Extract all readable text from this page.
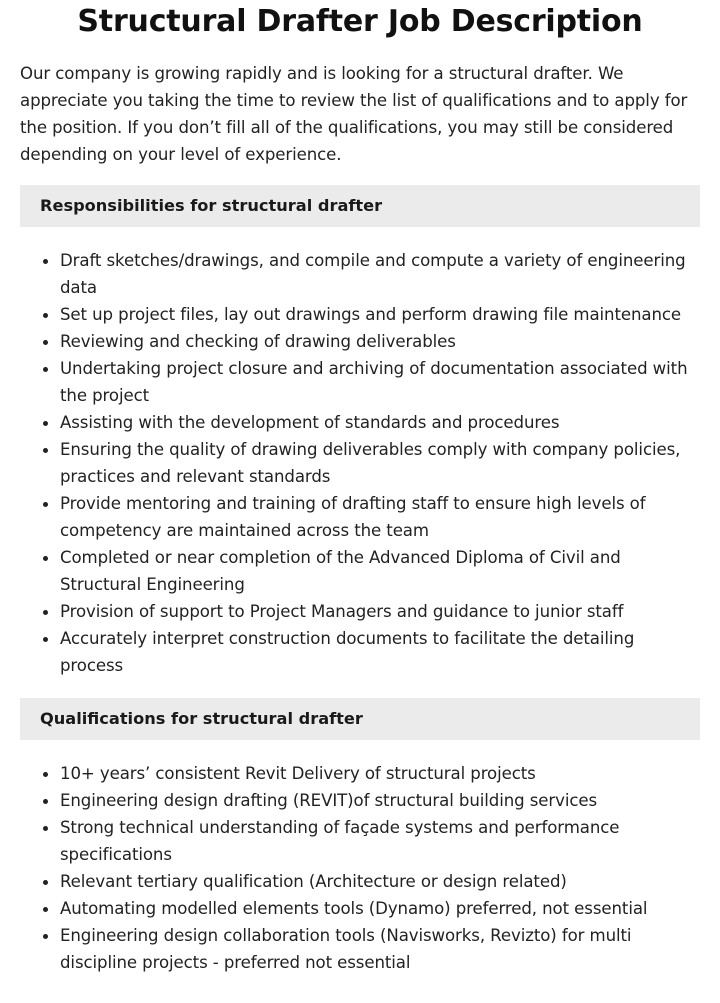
Structural Drafter Job Description

Our company is growing rapidly and is looking for a structural drafter. We appreciate you taking the time to review the list of qualifications and to apply for the position. If you don’t fill all of the qualifications, you may still be considered depending on your level of experience.

Responsibilities for structural drafter
Draft sketches/drawings, and compile and compute a variety of engineering data
Set up project files, lay out drawings and perform drawing file maintenance
Reviewing and checking of drawing deliverables
Undertaking project closure and archiving of documentation associated with the project
Assisting with the development of standards and procedures
Ensuring the quality of drawing deliverables comply with company policies, practices and relevant standards
Provide mentoring and training of drafting staff to ensure high levels of competency are maintained across the team
Completed or near completion of the Advanced Diploma of Civil and Structural Engineering
Provision of support to Project Managers and guidance to junior staff
Accurately interpret construction documents to facilitate the detailing process
Qualifications for structural drafter
10+ years’ consistent Revit Delivery of structural projects
Engineering design drafting (REVIT)of structural building services
Strong technical understanding of façade systems and performance specifications
Relevant tertiary qualification (Architecture or design related)
Automating modelled elements tools (Dynamo) preferred, not essential
Engineering design collaboration tools (Navisworks, Revizto) for multi discipline projects - preferred not essential
